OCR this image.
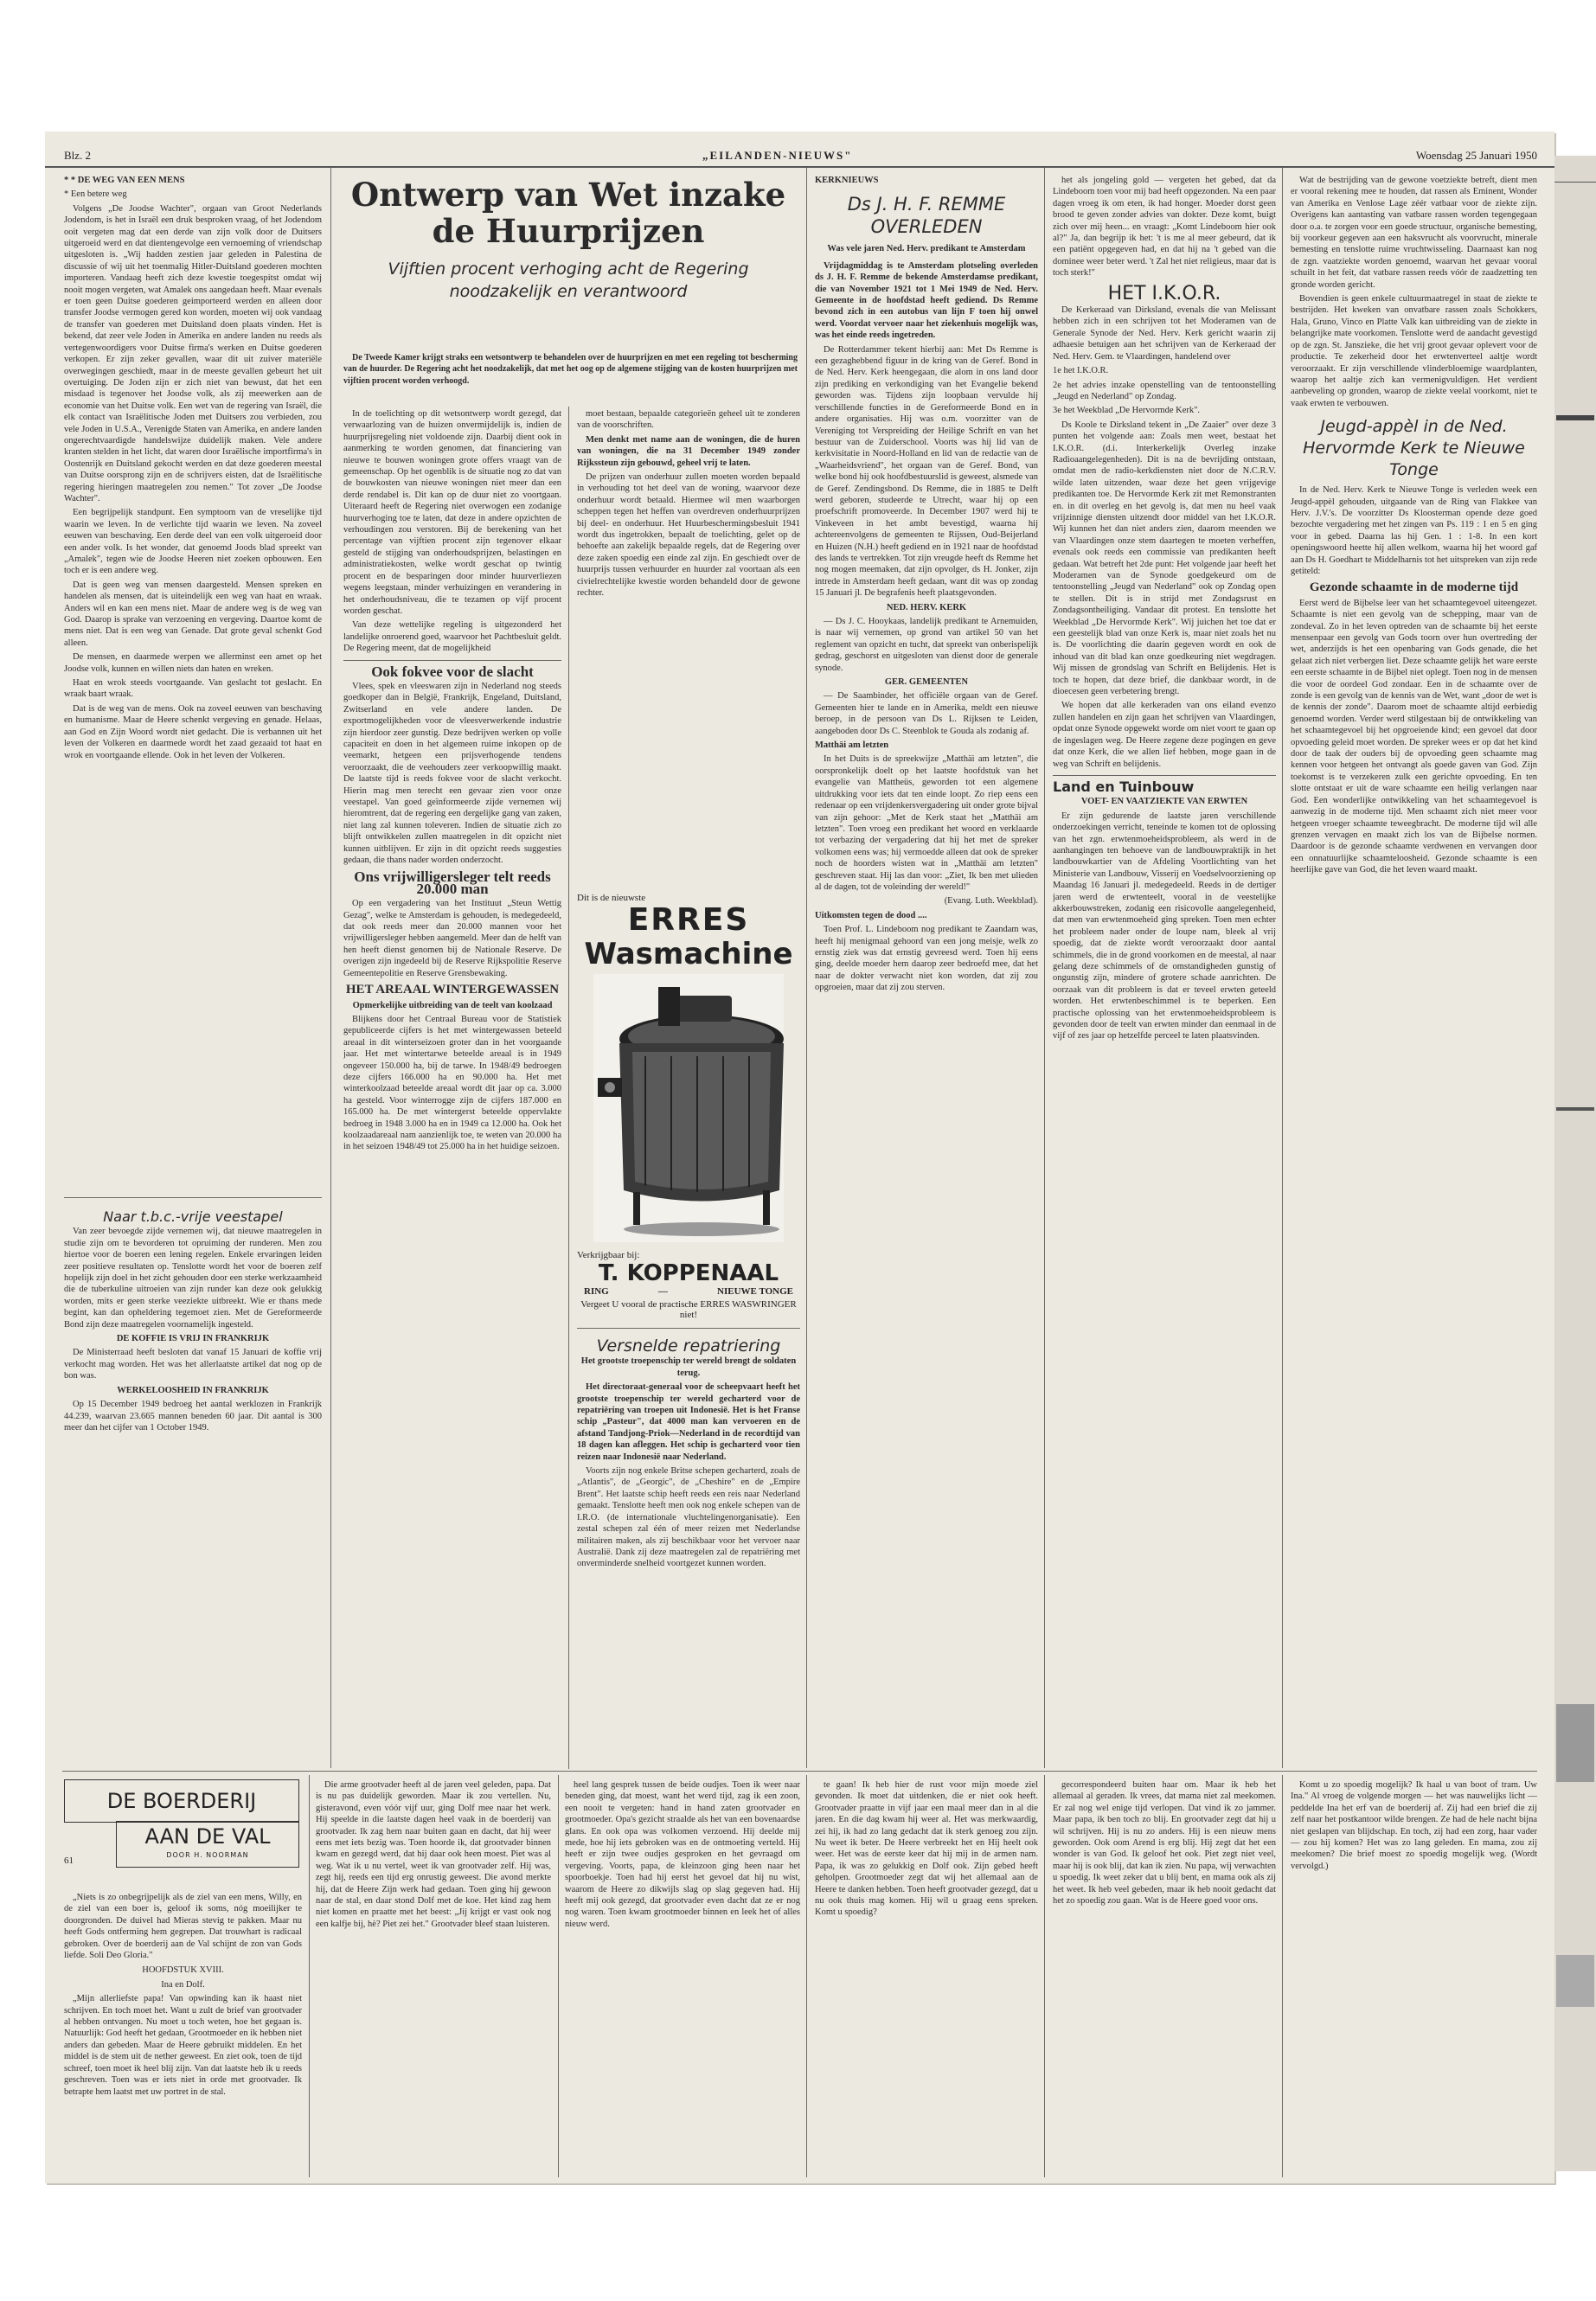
Blz. 2	„EILANDEN-NIEUWS"	Woensdag 25 Januari 1950

* * DE WEG VAN EEN MENS

* Een betere weg

Volgens „De Joodse Wachter", orgaan van Groot Nederlands Jodendom, is het in Israël een druk besproken vraag, of het Jodendom ooit vergeten mag dat een derde van zijn volk door de Duitsers uitgeroeid werd en dat dientengevolge een vernoeming of vriendschap uitgesloten is. „Wij hadden zestien jaar geleden in Palestina de discussie of wij uit het toenmalig Hitler-Duitsland goederen mochten importeren. Vandaag heeft zich deze kwestie toegespitst omdat wij nooit mogen vergeten, wat Amalek ons aangedaan heeft. Maar evenals er toen geen Duitse goederen geimporteerd werden en alleen door transfer Joodse vermogen gered kon worden, moeten wij ook vandaag de transfer van goederen met Duitsland doen plaats vinden. Het is bekend, dat zeer vele Joden in Amerika en andere landen nu reeds als vertegenwoordigers voor Duitse firma's werken en Duitse goederen verkopen. Er zijn zeker gevallen, waar dit uit zuiver materiële overwegingen geschiedt, maar in de meeste gevallen gebeurt het uit overtuiging. De Joden zijn er zich niet van bewust, dat het een misdaad is tegenover het Joodse volk, als zij meewerken aan de economie van het Duitse volk. Een wet van de regering van Israël, die elk contact van Israëlitische Joden met Duitsers zou verbieden, zou vele Joden in U.S.A., Verenigde Staten van Amerika, en andere landen ongerechtvaardigde handelswijze duidelijk maken. Vele andere kranten stelden in het licht, dat waren door Israëlische importfirma's in Oostenrijk en Duitsland gekocht werden en dat deze goederen meestal van Duitse oorsprong zijn en de schrijvers eisten, dat de Israëlitische regering hieringen maatregelen zou nemen." Tot zover „De Joodse Wachter".

Een begrijpelijk standpunt. Een symptoom van de vreselijke tijd waarin we leven. In de verlichte tijd waarin we leven. Na zoveel eeuwen van beschaving. Een derde deel van een volk uitgeroeid door een ander volk. Is het wonder, dat genoemd Joods blad spreekt van „Amalek", tegen wie de Joodse Heeren niet zoeken opbouwen. Een toch er is een andere weg.

Dat is geen weg van mensen daargesteld. Mensen spreken en handelen als mensen, dat is uiteindelijk een weg van haat en wraak. Anders wil en kan een mens niet. Maar de andere weg is de weg van God. Daarop is sprake van verzoening en vergeving. Daartoe komt de mens niet. Dat is een weg van Genade. Dat grote geval schenkt God alleen.

De mensen, en daarmede werpen we allerminst een amet op het Joodse volk, kunnen en willen niets dan haten en wreken.

Haat en wrok steeds voortgaande. Van geslacht tot geslacht. En wraak baart wraak.

Dat is de weg van de mens. Ook na zoveel eeuwen van beschaving en humanisme. Maar de Heere schenkt vergeving en genade. Helaas, aan God en Zijn Woord wordt niet gedacht. Die is verbannen uit het leven der Volkeren en daarmede wordt het zaad gezaaid tot haat en wrok en voortgaande ellende. Ook in het leven der Volkeren.

Naar t.b.c.-vrije veestapel

Van zeer bevoegde zijde vernemen wij, dat nieuwe maatregelen in studie zijn om te bevorderen tot opruiming der runderen. Men zou hiertoe voor de boeren een lening regelen. Enkele ervaringen leiden zeer positieve resultaten op. Tenslotte wordt het voor de boeren zelf hopelijk zijn doel in het zicht gehouden door een sterke werkzaamheid die de tuberkuline uitroeien van zijn runder kan deze ook gelukkig worden, mits er geen sterke veeziekte uitbreekt. Wie er thans mede begint, kan dan opheldering tegemoet zien. Met de Gereformeerde Bond zijn deze maatregelen voornamelijk ingesteld.

DE KOFFIE IS VRIJ IN FRANKRIJK

De Ministerraad heeft besloten dat vanaf 15 Januari de koffie vrij verkocht mag worden. Het was het allerlaatste artikel dat nog op de bon was.

WERKELOOSHEID IN FRANKRIJK

Op 15 December 1949 bedroeg het aantal werklozen in Frankrijk 44.239, waarvan 23.665 mannen beneden 60 jaar. Dit aantal is 300 meer dan het cijfer van 1 October 1949.

Ontwerp van Wet inzake
de Huurprijzen
Vijftien procent verhoging acht de Regering
noodzakelijk en verantwoord

De Tweede Kamer krijgt straks een wetsontwerp te behandelen over de huurprijzen en met een regeling tot bescherming van de huurder. De Regering acht het noodzakelijk, dat met het oog op de algemene stijging van de kosten huurprijzen met vijftien procent worden verhoogd.

In de toelichting op dit wetsontwerp wordt gezegd, dat verwaarlozing van de huizen onvermijdelijk is, indien de huurprijsregeling niet voldoende zijn. Daarbij dient ook in aanmerking te worden genomen, dat financiering van nieuwe te bouwen woningen grote offers vraagt van de gemeenschap. Op het ogenblik is de situatie nog zo dat van de bouwkosten van nieuwe woningen niet meer dan een derde rendabel is. Dit kan op de duur niet zo voortgaan. Uiteraard heeft de Regering niet overwogen een zodanige huurverhoging toe te laten, dat deze in andere opzichten de verhoudingen zou verstoren. Bij de berekening van het percentage van vijftien procent zijn tegenover elkaar gesteld de stijging van onderhoudsprijzen, belastingen en administratiekosten, welke wordt geschat op twintig procent en de besparingen door minder huurverliezen wegens leegstaan, minder verhuizingen en verandering in het onderhoudsniveau, die te tezamen op vijf procent worden geschat.

Van deze wettelijke regeling is uitgezonderd het landelijke onroerend goed, waarvoor het Pachtbesluit geldt. De Regering meent, dat de mogelijkheid

Ook fokvee voor de slacht

Vlees, spek en vleeswaren zijn in Nederland nog steeds goedkoper dan in België, Frankrijk, Engeland, Duitsland, Zwitserland en vele andere landen. De exportmogelijkheden voor de vleesverwerkende industrie zijn hierdoor zeer gunstig. Deze bedrijven werken op volle capaciteit en doen in het algemeen ruime inkopen op de veemarkt, hetgeen een prijsverhogende tendens veroorzaakt, die de veehouders zeer verkoopwillig maakt. De laatste tijd is reeds fokvee voor de slacht verkocht. Hierin mag men terecht een gevaar zien voor onze veestapel. Van goed geïnformeerde zijde vernemen wij hieromtrent, dat de regering een dergelijke gang van zaken, niet lang zal kunnen toleveren. Indien de situatie zich zo blijft ontwikkelen zullen maatregelen in dit opzicht niet kunnen uitblijven. Er zijn in dit opzicht reeds suggesties gedaan, die thans nader worden onderzocht.

Ons vrijwilligersleger telt reeds 20.000 man

Op een vergadering van het Instituut „Steun Wettig Gezag", welke te Amsterdam is gehouden, is medegedeeld, dat ook reeds meer dan 20.000 mannen voor het vrijwilligersleger hebben aangemeld. Meer dan de helft van hen heeft dienst genomen bij de Nationale Reserve. De overigen zijn ingedeeld bij de Reserve Rijkspolitie Reserve Gemeentepolitie en Reserve Grensbewaking.

HET AREAAL WINTERGEWASSEN

Opmerkelijke uitbreiding van de teelt van koolzaad

Blijkens door het Centraal Bureau voor de Statistiek gepubliceerde cijfers is het met wintergewassen beteeld areaal in dit winterseizoen groter dan in het voorgaande jaar. Het met wintertarwe beteelde areaal is in 1949 ongeveer 150.000 ha, bij de tarwe. In 1948/49 bedroegen deze cijfers 166.000 ha en 90.000 ha. Het met winterkoolzaad beteelde areaal wordt dit jaar op ca. 3.000 ha gesteld. Voor winterrogge zijn de cijfers 187.000 en 165.000 ha. De met wintergerst beteelde oppervlakte bedroeg in 1948 3.000 ha en in 1949 ca 12.000 ha. Ook het koolzaadareaal nam aanzienlijk toe, te weten van 20.000 ha in het seizoen 1948/49 tot 25.000 ha in het huidige seizoen.

moet bestaan, bepaalde categorieën geheel uit te zonderen van de voorschriften.

Men denkt met name aan de woningen, die de huren van woningen, die na 31 December 1949 zonder Rijkssteun zijn gebouwd, geheel vrij te laten.

De prijzen van onderhuur zullen moeten worden bepaald in verhouding tot het deel van de woning, waarvoor deze onderhuur wordt betaald. Hiermee wil men waarborgen scheppen tegen het heffen van overdreven onderhuurprijzen bij deel- en onderhuur. Het Huurbeschermingsbesluit 1941 wordt dus ingetrokken, bepaalt de toelichting, gelet op de behoefte aan zakelijk bepaalde regels, dat de Regering over deze zaken spoedig een einde zal zijn. En geschiedt over de huurprijs tussen verhuurder en huurder zal voortaan als een civielrechtelijke kwestie worden behandeld door de gewone rechter.

Dit is de nieuwste
ERRES
Wasmachine
Verkrijgbaar bij:
T. KOPPENAAL
RING	—	NIEUWE TONGE
Vergeet U vooral de practische ERRES WASWRINGER niet!
Versnelde repatriering

Het grootste troepenschip ter wereld brengt de soldaten terug.

Het directoraat-generaal voor de scheepvaart heeft het grootste troepenschip ter wereld gecharterd voor de repatriëring van troepen uit Indonesië. Het is het Franse schip „Pasteur", dat 4000 man kan vervoeren en de afstand Tandjong-Priok—Nederland in de recordtijd van 18 dagen kan afleggen. Het schip is gecharterd voor tien reizen naar Indonesië naar Nederland.

Voorts zijn nog enkele Britse schepen gecharterd, zoals de „Atlantis", de „Georgic", de „Cheshire" en de „Empire Brent". Het laatste schip heeft reeds een reis naar Nederland gemaakt. Tenslotte heeft men ook nog enkele schepen van de I.R.O. (de internationale vluchtelingenorganisatie). Een zestal schepen zal één of meer reizen met Nederlandse militairen maken, als zij beschikbaar voor het vervoer naar Australië. Dank zij deze maatregelen zal de repatriëring met onverminderde snelheid voortgezet kunnen worden.

KERKNIEUWS

Ds J. H. F. REMME
OVERLEDEN

Was vele jaren Ned. Herv. predikant te Amsterdam

Vrijdagmiddag is te Amsterdam plotseling overleden ds J. H. F. Remme de bekende Amsterdamse predikant, die van November 1921 tot 1 Mei 1949 de Ned. Herv. Gemeente in de hoofdstad heeft gediend. Ds Remme bevond zich in een autobus van lijn F toen hij onwel werd. Voordat vervoer naar het ziekenhuis mogelijk was, was het einde reeds ingetreden.

De Rotterdammer tekent hierbij aan: Met Ds Remme is een gezaghebbend figuur in de kring van de Geref. Bond in de Ned. Herv. Kerk heengegaan, die alom in ons land door zijn prediking en verkondiging van het Evangelie bekend geworden was. Tijdens zijn loopbaan vervulde hij verschillende functies in de Gereformeerde Bond en in andere organisaties. Hij was o.m. voorzitter van de Vereniging tot Verspreiding der Heilige Schrift en van het bestuur van de Zuiderschool. Voorts was hij lid van de kerkvisitatie in Noord-Holland en lid van de redactie van de „Waarheidsvriend", het orgaan van de Geref. Bond, van welke bond hij ook hoofdbestuurslid is geweest, alsmede van de Geref. Zendingsbond. Ds Remme, die in 1885 te Delft werd geboren, studeerde te Utrecht, waar hij op een proefschrift promoveerde. In December 1907 werd hij te Vinkeveen in het ambt bevestigd, waarna hij achtereenvolgens de gemeenten te Rijssen, Oud-Beijerland en Huizen (N.H.) heeft gediend en in 1921 naar de hoofdstad des lands te vertrekken. Tot zijn vreugde heeft ds Remme het nog mogen meemaken, dat zijn opvolger, ds H. Jonker, zijn intrede in Amsterdam heeft gedaan, want dit was op zondag 15 Januari jl. De begrafenis heeft plaatsgevonden.

NED. HERV. KERK

— Ds J. C. Hooykaas, landelijk predikant te Arnemuiden, is naar wij vernemen, op grond van artikel 50 van het reglement van opzicht en tucht, dat spreekt van onberispelijk gedrag, geschorst en uitgesloten van dienst door de generale synode.

GER. GEMEENTEN

— De Saambinder, het officiële orgaan van de Geref. Gemeenten hier te lande en in Amerika, meldt een nieuwe beroep, in de persoon van Ds L. Rijksen te Leiden, aangeboden door Ds C. Steenblok te Gouda als zodanig af.

Matthäi am letzten

In het Duits is de spreekwijze „Matthäi am letzten", die oorspronkelijk doelt op het laatste hoofdstuk van het evangelie van Mattheüs, geworden tot een algemene uitdrukking voor iets dat ten einde loopt. Zo riep eens een redenaar op een vrijdenkersvergadering uit onder grote bijval van zijn gehoor: „Met de Kerk staat het „Matthäi am letzten". Toen vroeg een predikant het woord en verklaarde tot verbazing der vergadering dat hij het met de spreker volkomen eens was; hij vermoedde alleen dat ook de spreker noch de hoorders wisten wat in „Matthäi am letzten" geschreven staat. Hij las dan voor: „Ziet, Ik ben met ulieden al de dagen, tot de voleinding der wereld!"

(Evang. Luth. Weekblad).

Uitkomsten tegen de dood ....

Toen Prof. L. Lindeboom nog predikant te Zaandam was, heeft hij menigmaal gehoord van een jong meisje, welk zo ernstig ziek was dat ernstig gevreesd werd. Toen hij eens ging, deelde moeder hem daarop zeer bedroefd mee, dat het naar de dokter verwacht niet kon worden, dat zij zou opgroeien, maar dat zij zou sterven.

het als jongeling gold — vergeten het gebed, dat da Lindeboom toen voor mij bad heeft opgezonden. Na een paar dagen vroeg ik om eten, ik had honger. Moeder dorst geen brood te geven zonder advies van dokter. Deze komt, buigt zich over mij heen... en vraagt: „Komt Lindeboom hier ook al?" Ja, dan begrijp ik het: 't is me al meer gebeurd, dat ik een patiënt opgegeven had, en dat hij na 't gebed van die dominee weer beter werd. 't Zal het niet religieus, maar dat is toch sterk!"

HET I.K.O.R.

De Kerkeraad van Dirksland, evenals die van Melissant hebben zich in een schrijven tot het Moderamen van de Generale Synode der Ned. Herv. Kerk gericht waarin zij adhaesie betuigen aan het schrijven van de Kerkeraad der Ned. Herv. Gem. te Vlaardingen, handelend over

1e het I.K.O.R.

2e het advies inzake openstelling van de tentoonstelling „Jeugd en Nederland" op Zondag.

3e het Weekblad „De Hervormde Kerk".

Ds Koole te Dirksland tekent in „De Zaaier" over deze 3 punten het volgende aan: Zoals men weet, bestaat het I.K.O.R. (d.i. Interkerkelijk Overleg inzake Radioaangelegenheden). Dit is na de bevrijding ontstaan, omdat men de radio-kerkdiensten niet door de N.C.R.V. wilde laten uitzenden, waar deze het geen vrijgevige predikanten toe. De Hervormde Kerk zit met Remonstranten en. in dit overleg en het gevolg is, dat men nu heel vaak vrijzinnige diensten uitzendt door middel van het I.K.O.R. Wij kunnen het dan niet anders zien, daarom meenden we van Vlaardingen onze stem daartegen te moeten verheffen, evenals ook reeds een commissie van predikanten heeft gedaan. Wat betreft het 2de punt: Het volgende jaar heeft het Moderamen van de Synode goedgekeurd om de tentoonstelling „Jeugd van Nederland" ook op Zondag open te stellen. Dit is in strijd met Zondagsrust en Zondagsontheiliging. Vandaar dit protest. En tenslotte het Weekblad „De Hervormde Kerk". Wij juichen het toe dat er een geestelijk blad van onze Kerk is, maar niet zoals het nu is. De voorlichting die daarin gegeven wordt en ook de inhoud van dit blad kan onze goedkeuring niet wegdragen. Wij missen de grondslag van Schrift en Belijdenis. Het is toch te hopen, dat deze brief, die dankbaar wordt, in de dioecesen geen verbetering brengt.

We hopen dat alle kerkeraden van ons eiland evenzo zullen handelen en zijn gaan het schrijven van Vlaardingen, opdat onze Synode opgewekt worde om niet voort te gaan op de ingeslagen weg. De Heere zegene deze pogingen en geve dat onze Kerk, die we allen lief hebben, moge gaan in de weg van Schrift en belijdenis.

Land en Tuinbouw

VOET- EN VAATZIEKTE VAN ERWTEN

Er zijn gedurende de laatste jaren verschillende onderzoekingen verricht, teneinde te komen tot de oplossing van het zgn. erwtenmoeheidsprobleem, als werd in de aanhangingen ten behoeve van de landbouwpraktijk in het landbouwkartier van de Afdeling Voortlichting van het Ministerie van Landbouw, Visserij en Voedselvoorziening op Maandag 16 Januari jl. medegedeeld. Reeds in de dertiger jaren werd de erwtenteelt, vooral in de veestelijke akkerbouwstreken, zodanig een risicovolle aangelegenheid, dat men van erwtenmoeheid ging spreken. Toen men echter het probleem nader onder de loupe nam, bleek al vrij spoedig, dat de ziekte wordt veroorzaakt door aantal schimmels, die in de grond voorkomen en de meestal, al naar gelang deze schimmels of de omstandigheden gunstig of ongunstig zijn, mindere of grotere schade aanrichten. De oorzaak van dit probleem is dat er teveel erwten geteeld worden. Het erwtenbeschimmel is te beperken. Een practische oplossing van het erwtenmoeheidsprobleem is gevonden door de teelt van erwten minder dan eenmaal in de vijf of zes jaar op hetzelfde perceel te laten plaatsvinden.

Wat de bestrijding van de gewone voetziekte betreft, dient men er vooral rekening mee te houden, dat rassen als Eminent, Wonder van Amerika en Venlose Lage zéér vatbaar voor de ziekte zijn. Overigens kan aantasting van vatbare rassen worden tegengegaan door o.a. te zorgen voor een goede structuur, organische bemesting, bij voorkeur gegeven aan een haksvrucht als voorvrucht, minerale bemesting en tenslotte ruime vruchtwisseling. Daarnaast kan nog de zgn. vaatziekte worden genoemd, waarvan het gevaar vooral schuilt in het feit, dat vatbare rassen reeds vóór de zaadzetting ten gronde worden gericht.

Bovendien is geen enkele cultuurmaatregel in staat de ziekte te bestrijden. Het kweken van onvatbare rassen zoals Schokkers, Hala, Gruno, Vinco en Platte Valk kan uitbreiding van de ziekte in belangrijke mate voorkomen. Tenslotte werd de aandacht gevestigd op de zgn. St. Janszieke, die het vrij groot gevaar oplevert voor de productie. Te zekerheid door het erwtenverteel aaltje wordt veroorzaakt. Er zijn verschillende vlinderbloemige waardplanten, waarop het aaltje zich kan vermenigvuldigen. Het verdient aanbeveling op gronden, waarop de ziekte veelal voorkomt, niet te vaak erwten te verbouwen.

Jeugd-appèl in de Ned. Hervormde Kerk te Nieuwe Tonge

In de Ned. Herv. Kerk te Nieuwe Tonge is verleden week een Jeugd-appèl gehouden, uitgaande van de Ring van Flakkee van Herv. J.V.'s. De voorzitter Ds Kloosterman opende deze goed bezochte vergadering met het zingen van Ps. 119 : 1 en 5 en ging voor in gebed. Daarna las hij Gen. 1 : 1-8. In een kort openingswoord heette hij allen welkom, waarna hij het woord gaf aan Ds H. Goedhart te Middelharnis tot het uitspreken van zijn rede getiteld:

Gezonde schaamte in de moderne tijd

Eerst werd de Bijbelse leer van het schaamtegevoel uiteengezet. Schaamte is niet een gevolg van de schepping, maar van de zondeval. Zo in het leven optreden van de schaamte bij het eerste mensenpaar een gevolg van Gods toorn over hun overtreding der wet, anderzijds is het een openbaring van Gods genade, die het gelaat zich niet verbergen liet. Deze schaamte gelijk het ware eerste een eerste schaamte in de Bijbel niet oplegt. Toen nog in de mensen die voor de oordeel God zondaar. Een in de schaamte over de zonde is een gevolg van de kennis van de Wet, want „door de wet is de kennis der zonde". Daarom moet de schaamte altijd eerbiedig genoemd worden. Verder werd stilgestaan bij de ontwikkeling van het schaamtegevoel bij het opgroeiende kind; een gevoel dat door opvoeding geleid moet worden. De spreker wees er op dat het kind door de taak der ouders bij de opvoeding geen schaamte mag kennen voor hetgeen het ontvangt als goede gaven van God. Zijn toekomst is te verzekeren zulk een gerichte opvoeding. En ten slotte ontstaat er uit de ware schaamte een heilig verlangen naar God. Een wonderlijke ontwikkeling van het schaamtegevoel is aanwezig in de moderne tijd. Men schaamt zich niet meer voor hetgeen vroeger schaamte teweegbracht. De moderne tijd wil alle grenzen vervagen en maakt zich los van de Bijbelse normen. Daardoor is de gezonde schaamte verdwenen en vervangen door een onnatuurlijke schaamteloosheid. Gezonde schaamte is een heerlijke gave van God, die het leven waard maakt.

DE BOERDERIJ
AAN DE VAL
DOOR H. NOORMAN
61

„Niets is zo onbegrijpelijk als de ziel van een mens, Willy, en de ziel van een boer is, geloof ik soms, nóg moeilijker te doorgronden. De duivel had Mieras stevig te pakken. Maar nu heeft Gods ontferming hem gegrepen. Dat trouwhart is radicaal gebroken. Over de boerderij aan de Val schijnt de zon van Gods liefde. Soli Deo Gloria."

HOOFDSTUK XVIII.

Ina en Dolf.

„Mijn allerliefste papa! Van opwinding kan ik haast niet schrijven. En toch moet het. Want u zult de brief van grootvader al hebben ontvangen. Nu moet u toch weten, hoe het gegaan is. Natuurlijk: God heeft het gedaan, Grootmoeder en ik hebben niet anders dan gebeden. Maar de Heere gebruikt middelen. En het middel is de stem uit de nether geweest. En ziet ook, toen de tijd schreef, toen moet ik heel blij zijn. Van dat laatste heb ik u reeds geschreven. Toen was er iets niet in orde met grootvader. Ik betrapte hem laatst met uw portret in de stal.

Die arme grootvader heeft al de jaren veel geleden, papa. Dat is nu pas duidelijk geworden. Maar ik zou vertellen. Nu, gisteravond, even vóór vijf uur, ging Dolf mee naar het werk. Hij speelde in die laatste dagen heel vaak in de boerderij van grootvader. Ik zag hem naar buiten gaan en dacht, dat hij weer eens met iets bezig was. Toen hoorde ik, dat grootvader binnen kwam en gezegd werd, dat hij daar ook heen moest. Piet was al weg. Wat ik u nu vertel, weet ik van grootvader zelf. Hij was, zegt hij, reeds een tijd erg onrustig geweest. Die avond merkte hij, dat de Heere Zijn werk had gedaan. Toen ging hij gewoon naar de stal, en daar stond Dolf met de koe. Het kind zag hem niet komen en praatte met het beest: „Jij krijgt er vast ook nog een kalfje bij, hè? Piet zei het." Grootvader bleef staan luisteren.

heel lang gesprek tussen de beide oudjes. Toen ik weer naar beneden ging, dat moest, want het werd tijd, zag ik een zoon, een nooit te vergeten: hand in hand zaten grootvader en grootmoeder. Opa's gezicht straalde als het van een bovenaardse glans. En ook opa was volkomen verzoend. Hij deelde mij mede, hoe hij iets gebroken was en de ontmoeting verteld. Hij heeft er zijn twee oudjes gesproken en het gevraagd om vergeving. Voorts, papa, de kleinzoon ging heen naar het spoorboekje. Toen had hij eerst het gevoel dat hij nu wist, waarom de Heere zo dikwijls slag op slag gegeven had. Hij heeft mij ook gezegd, dat grootvader even dacht dat ze er nog nog waren. Toen kwam grootmoeder binnen en leek het of alles nieuw werd.

te gaan! Ik heb hier de rust voor mijn moede ziel gevonden. Ik moet dat uitdenken, die er niet ook heeft. Grootvader praatte in vijf jaar een maal meer dan in al die jaren. En die dag kwam hij weer al. Het was merkwaardig, zei hij, ik had zo lang gedacht dat ik sterk genoeg zou zijn. Nu weet ik beter. De Heere verbreekt het en Hij heelt ook weer. Het was de eerste keer dat hij mij in de armen nam. Papa, ik was zo gelukkig en Dolf ook. Zijn gebed heeft geholpen. Grootmoeder zegt dat wij het allemaal aan de Heere te danken hebben. Toen heeft grootvader gezegd, dat u nu ook thuis mag komen. Hij wil u graag eens spreken. Komt u spoedig?

gecorrespondeerd buiten haar om. Maar ik heb het allemaal al geraden. Ik vrees, dat mama niet zal meekomen. Er zal nog wel enige tijd verlopen. Dat vind ik zo jammer. Maar papa, ik ben toch zo blij. En grootvader zegt dat hij u wil schrijven. Hij is nu zo anders. Hij is een nieuw mens geworden. Ook oom Arend is erg blij. Hij zegt dat het een wonder is van God. Ik geloof het ook. Piet zegt niet veel, maar hij is ook blij, dat kan ik zien. Nu papa, wij verwachten u spoedig. Ik weet zeker dat u blij bent, en mama ook als zij het weet. Ik heb veel gebeden, maar ik heb nooit gedacht dat het zo spoedig zou gaan. Wat is de Heere goed voor ons.

Komt u zo spoedig mogelijk? Ik haal u van boot of tram. Uw Ina." Al vroeg de volgende morgen — het was nauwelijks licht — peddelde Ina het erf van de boerderij af. Zij had een brief die zij zelf naar het postkantoor wilde brengen. Ze had de hele nacht bijna niet geslapen van blijdschap. En toch, zij had een zorg, haar vader — zou hij komen? Het was zo lang geleden. En mama, zou zij meekomen? Die brief moest zo spoedig mogelijk weg. (Wordt vervolgd.)
